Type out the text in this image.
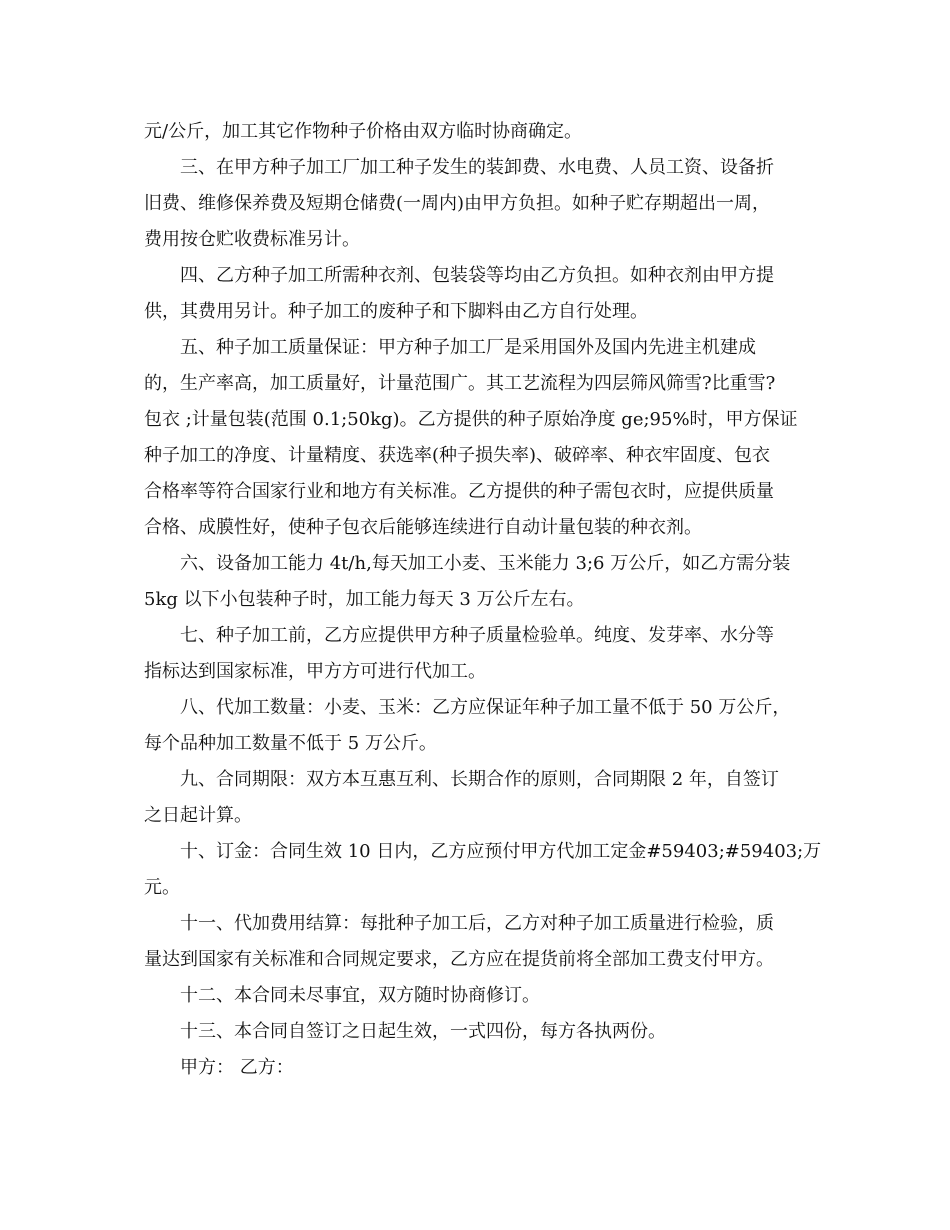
元/公斤，加工其它作物种子价格由双方临时协商确定。
三、在甲方种子加工厂加工种子发生的装卸费、水电费、人员工资、设备折
旧费、维修保养费及短期仓储费(一周内)由甲方负担。如种子贮存期超出一周，
费用按仓贮收费标准另计。
四、乙方种子加工所需种衣剂、包装袋等均由乙方负担。如种衣剂由甲方提
供，其费用另计。种子加工的废种子和下脚料由乙方自行处理。
五、种子加工质量保证：甲方种子加工厂是采用国外及国内先进主机建成
的，生产率高，加工质量好，计量范围广。其工艺流程为四层筛风筛雪?比重雪?
包衣 ;计量包装(范围 0.1;50kg)。乙方提供的种子原始净度 ge;95%时，甲方保证
种子加工的净度、计量精度、获选率(种子损失率)、破碎率、种衣牢固度、包衣
合格率等符合国家行业和地方有关标准。乙方提供的种子需包衣时，应提供质量
合格、成膜性好，使种子包衣后能够连续进行自动计量包装的种衣剂。
六、设备加工能力 4t/h,每天加工小麦、玉米能力 3;6 万公斤，如乙方需分装
5kg 以下小包装种子时，加工能力每天 3 万公斤左右。
七、种子加工前，乙方应提供甲方种子质量检验单。纯度、发芽率、水分等
指标达到国家标准，甲方方可进行代加工。
八、代加工数量：小麦、玉米：乙方应保证年种子加工量不低于 50 万公斤，
每个品种加工数量不低于 5 万公斤。
九、合同期限：双方本互惠互利、长期合作的原则，合同期限 2 年，自签订
之日起计算。
十、订金：合同生效 10 日内，乙方应预付甲方代加工定金#59403;#59403;万
元。
十一、代加费用结算：每批种子加工后，乙方对种子加工质量进行检验，质
量达到国家有关标准和合同规定要求，乙方应在提货前将全部加工费支付甲方。
十二、本合同未尽事宜，双方随时协商修订。
十三、本合同自签订之日起生效，一式四份，每方各执两份。
甲方： 乙方：
